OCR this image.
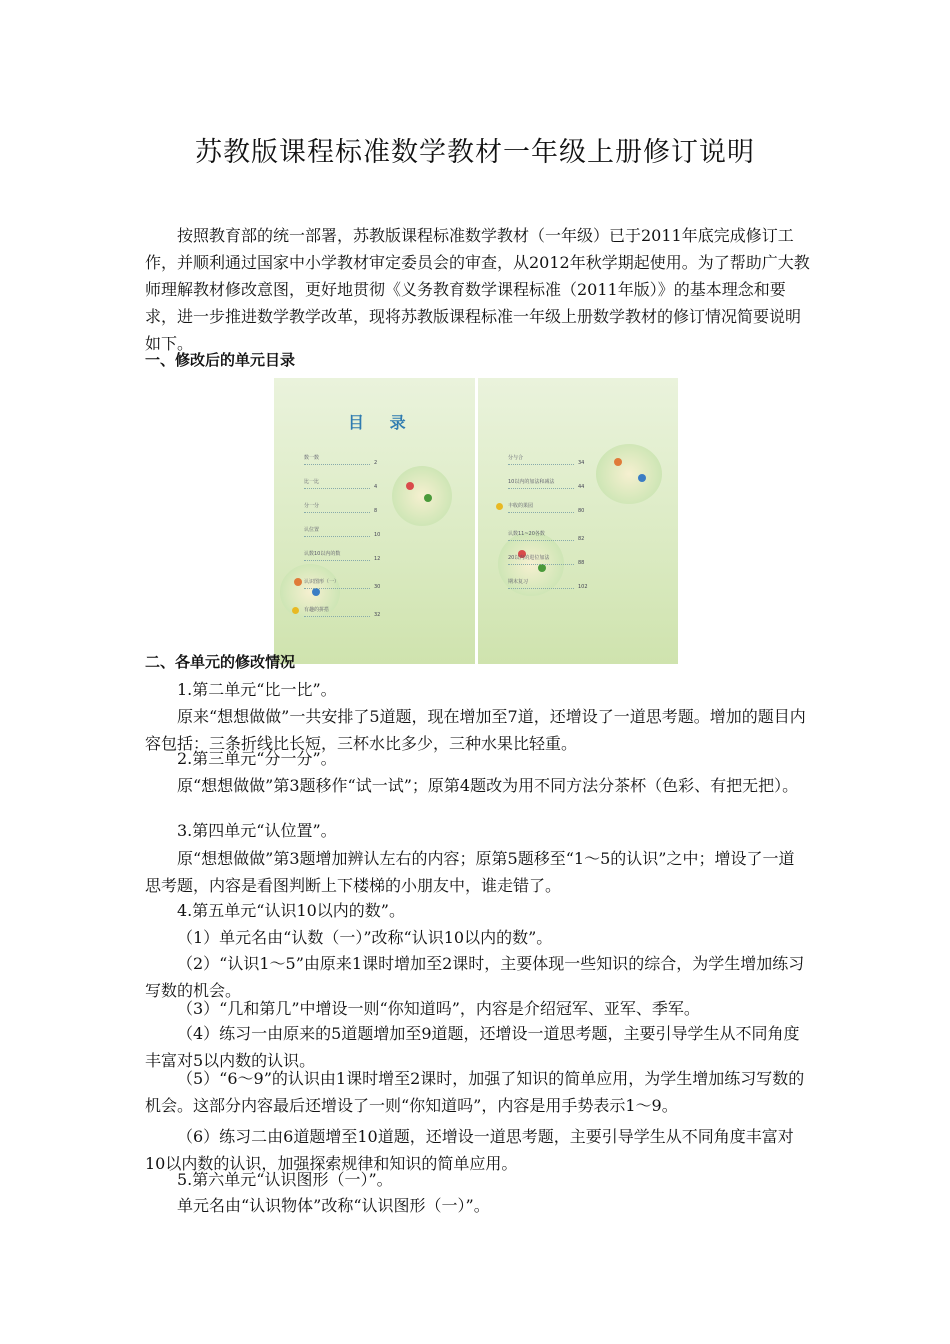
苏教版课程标准数学教材一年级上册修订说明

按照教育部的统一部署，苏教版课程标准数学教材（一年级）已于2011年底完成修订工作，并顺利通过国家中小学教材审定委员会的审查，从2012年秋学期起使用。为了帮助广大教师理解教材修改意图，更好地贯彻《义务教育数学课程标准（2011年版）》的基本理念和要求，进一步推进数学教学改革，现将苏教版课程标准一年级上册数学教材的修订情况简要说明如下。

一、修改后的单元目录
目 录
数一数
2
比一比
4
分一分
8
认位置
10
认数10以内的数
12
认识图形（一）
30
有趣的拼搭
32
分与合
34
10以内的加法和减法
44
丰收的果园
80
认数11~20各数
82
20以内的进位加法
88
期末复习
102
二、各单元的修改情况

1.第二单元“比一比”。

原来“想想做做”一共安排了5道题，现在增加至7道，还增设了一道思考题。增加的题目内容包括：三条折线比长短，三杯水比多少，三种水果比轻重。

2.第三单元“分一分”。

原“想想做做”第3题移作“试一试”；原第4题改为用不同方法分茶杯（色彩、有把无把）。

3.第四单元“认位置”。

原“想想做做”第3题增加辨认左右的内容；原第5题移至“1～5的认识”之中；增设了一道思考题，内容是看图判断上下楼梯的小朋友中，谁走错了。

4.第五单元“认识10以内的数”。

（1）单元名由“认数（一）”改称“认识10以内的数”。

（2）“认识1～5”由原来1课时增加至2课时，主要体现一些知识的综合，为学生增加练习写数的机会。

（3）“几和第几”中增设一则“你知道吗”，内容是介绍冠军、亚军、季军。

（4）练习一由原来的5道题增加至9道题，还增设一道思考题，主要引导学生从不同角度丰富对5以内数的认识。

（5）“6～9”的认识由1课时增至2课时，加强了知识的简单应用，为学生增加练习写数的机会。这部分内容最后还增设了一则“你知道吗”，内容是用手势表示1～9。

（6）练习二由6道题增至10道题，还增设一道思考题，主要引导学生从不同角度丰富对10以内数的认识，加强探索规律和知识的简单应用。

5.第六单元“认识图形（一）”。

单元名由“认识物体”改称“认识图形（一）”。
